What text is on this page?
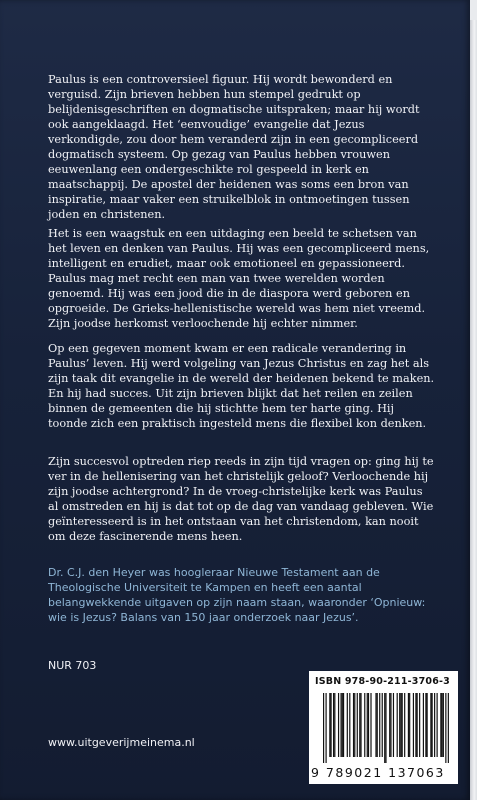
Paulus is een controversieel figuur. Hij wordt bewonderd en verguisd. Zijn brieven hebben hun stempel gedrukt op belijdenisgeschriften en dogmatische uitspraken; maar hij wordt ook aangeklaagd. Het ‘eenvoudige’ evangelie dat Jezus verkondigde, zou door hem veranderd zijn in een gecompliceerd dogmatisch systeem. Op gezag van Paulus hebben vrouwen eeuwenlang een ondergeschikte rol gespeeld in kerk en maatschappij. De apostel der heidenen was soms een bron van inspiratie, maar vaker een struikelblok in ontmoetingen tussen joden en christenen.

Het is een waagstuk en een uitdaging een beeld te schetsen van het leven en denken van Paulus. Hij was een gecompliceerd mens, intelligent en erudiet, maar ook emotioneel en gepassioneerd. Paulus mag met recht een man van twee werelden worden genoemd. Hij was een jood die in de diaspora werd geboren en opgroeide. De Grieks-hellenistische wereld was hem niet vreemd. Zijn joodse herkomst verloochende hij echter nimmer.

Op een gegeven moment kwam er een radicale verandering in Paulus’ leven. Hij werd volgeling van Jezus Christus en zag het als zijn taak dit evangelie in de wereld der heidenen bekend te maken. En hij had succes. Uit zijn brieven blijkt dat het reilen en zeilen binnen de gemeenten die hij stichtte hem ter harte ging. Hij toonde zich een praktisch ingesteld mens die flexibel kon denken.

Zijn succesvol optreden riep reeds in zijn tijd vragen op: ging hij te ver in de hellenisering van het christelijk geloof? Verloochende hij zijn joodse achtergrond? In de vroeg-christelijke kerk was Paulus al omstreden en hij is dat tot op de dag van vandaag gebleven. Wie geïnteresseerd is in het ontstaan van het christendom, kan nooit om deze fascinerende mens heen.

Dr. C.J. den Heyer was hoogleraar Nieuwe Testament aan de Theologische Universiteit te Kampen en heeft een aantal belangwekkende uitgaven op zijn naam staan, waaronder ‘Opnieuw: wie is Jezus? Balans van 150 jaar onderzoek naar Jezus’.

NUR 703
www.uitgeverijmeinema.nl
ISBN 978-90-211-3706-3
9 789021 137063
